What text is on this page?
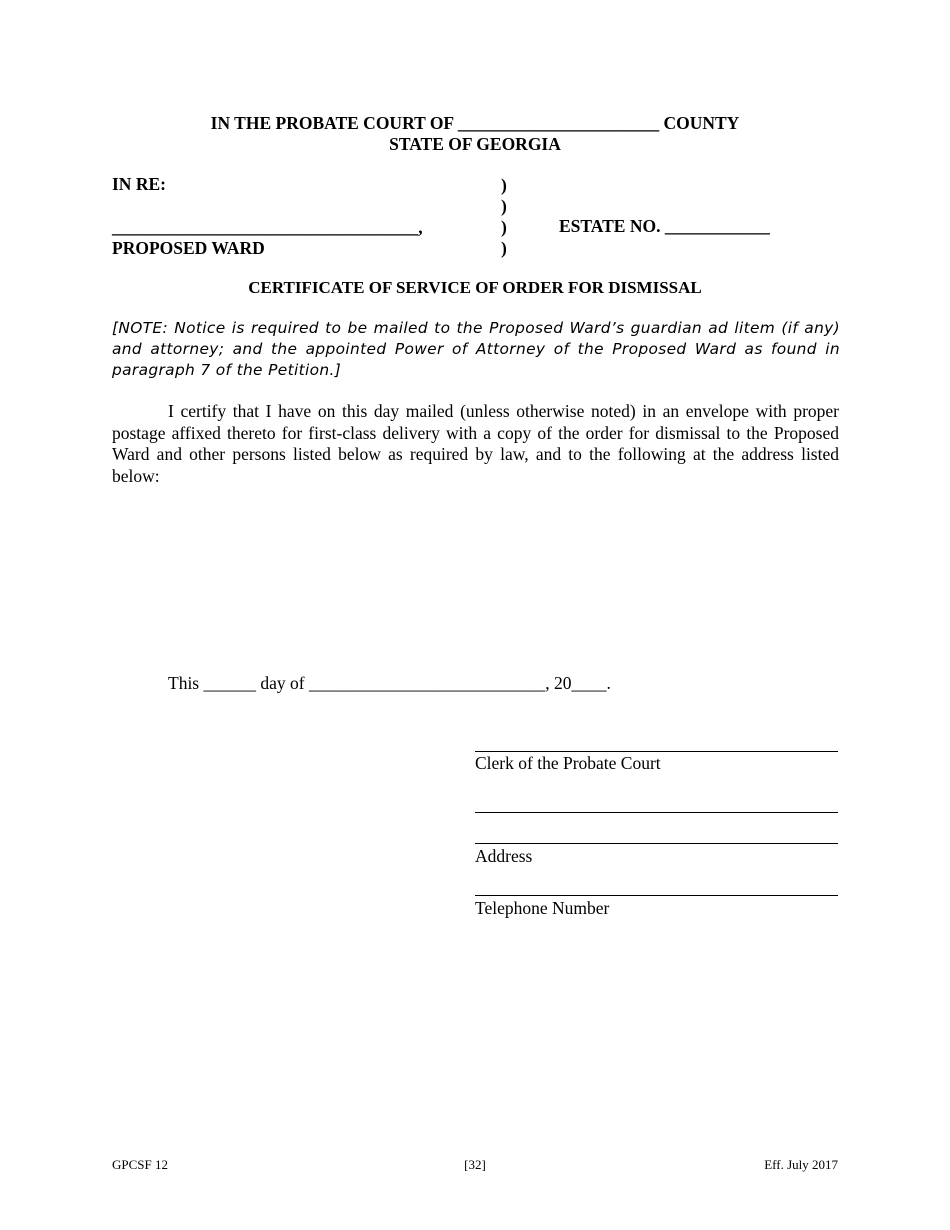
IN THE PROBATE COURT OF _______________________ COUNTY
STATE OF GEORGIA
IN RE:
___________________________________,
PROPOSED WARD
)
)
)
)
ESTATE NO. ____________
CERTIFICATE OF SERVICE OF ORDER FOR DISMISSAL
[NOTE: Notice is required to be mailed to the Proposed Ward’s guardian ad litem (if any) and attorney; and the appointed Power of Attorney of the Proposed Ward as found in paragraph 7 of the Petition.]
I certify that I have on this day mailed (unless otherwise noted) in an envelope with proper postage affixed thereto for first-class delivery with a copy of the order for dismissal to the Proposed Ward and other persons listed below as required by law, and to the following at the address listed below:
This ______ day of ___________________________, 20____.
Clerk of the Probate Court
Address
Telephone Number
GPCSF 12	[32]	Eff. July 2017
